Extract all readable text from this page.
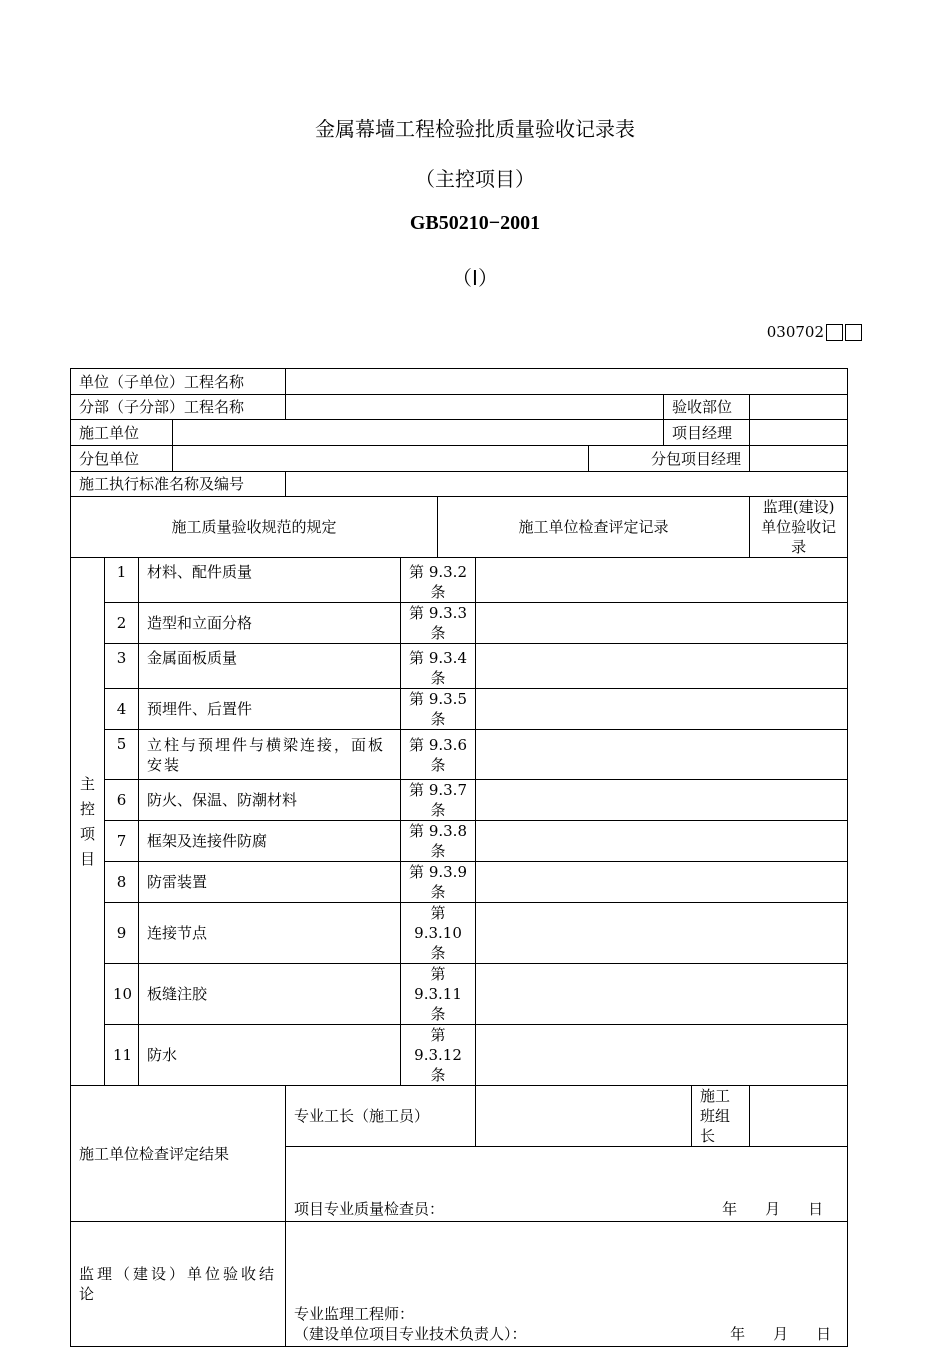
金属幕墙工程检验批质量验收记录表
（主控项目）
GB50210−2001
（Ⅰ）
030702
单位（子单位）工程名称												
分部（子分部）工程名称									验收部位			
施工单位									项目经理			
分包单位								分包项目经理				
施工执行标准名称及编号												
施工质量验收规范的规定						施工单位检查评定记录					监理(建设)单位验收记录	
主控项目	1	材料、配件质量			第 9.3.2 条							
	2	造型和立面分格			第 9.3.3 条							
	3	金属面板质量			第 9.3.4 条							
	4	预埋件、后置件			第 9.3.5 条							
	5	立柱与预埋件与横梁连接，面板安装			第 9.3.6 条							
	6	防火、保温、防潮材料			第 9.3.7 条							
	7	框架及连接件防腐			第 9.3.8 条							
	8	防雷装置			第 9.3.9 条							
	9	连接节点			第 9.3.10 条							
	10	板缝注胶			第 9.3.11 条							
	11	防水			第 9.3.12 条							
施工单位检查评定结果				专业工长（施工员）						施工班组长		

				项目专业质量检查员： 年 月 日								

监理（建设）单位验收结论				专业监理工程师：
（建设单位项目专业技术负责人）： 年 月 日								
